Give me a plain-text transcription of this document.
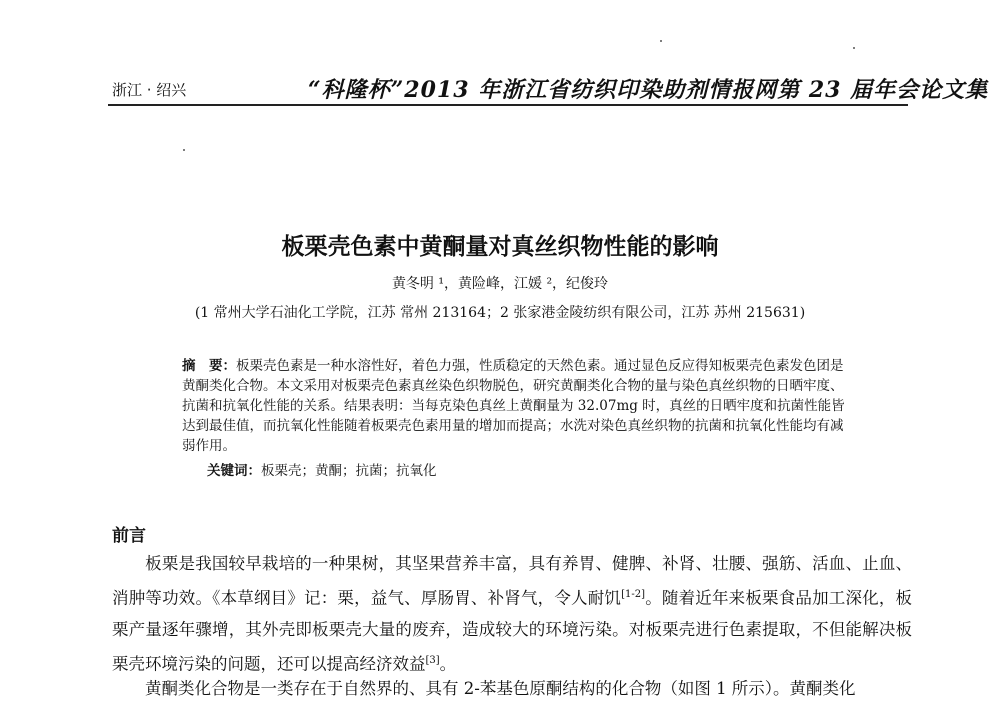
浙江 · 绍兴	“科隆杯”2013 年浙江省纺织印染助剂情报网第 23 届年会论文集
板栗壳色素中黄酮量对真丝织物性能的影响
黄冬明 ¹，黄险峰，江媛 ²，纪俊玲
(1 常州大学石油化工学院，江苏 常州 213164；2 张家港金陵纺织有限公司，江苏 苏州 215631)
摘　要：板栗壳色素是一种水溶性好，着色力强，性质稳定的天然色素。通过显色反应得知板栗壳色素发色团是黄酮类化合物。本文采用对板栗壳色素真丝染色织物脱色，研究黄酮类化合物的量与染色真丝织物的日晒牢度、抗菌和抗氧化性能的关系。结果表明：当每克染色真丝上黄酮量为 32.07mg 时，真丝的日晒牢度和抗菌性能皆达到最佳值，而抗氧化性能随着板栗壳色素用量的增加而提高；水洗对染色真丝织物的抗菌和抗氧化性能均有减弱作用。
关键词：板栗壳；黄酮；抗菌；抗氧化
前言
板栗是我国较早栽培的一种果树，其坚果营养丰富，具有养胃、健脾、补肾、壮腰、强筋、活血、止血、消肿等功效。《本草纲目》记：栗，益气、厚肠胃、补肾气，令人耐饥[1-2]。随着近年来板栗食品加工深化，板栗产量逐年骤增，其外壳即板栗壳大量的废弃，造成较大的环境污染。对板栗壳进行色素提取，不但能解决板栗壳环境污染的问题，还可以提高经济效益[3]。
黄酮类化合物是一类存在于自然界的、具有 2-苯基色原酮结构的化合物（如图 1 所示）。黄酮类化
